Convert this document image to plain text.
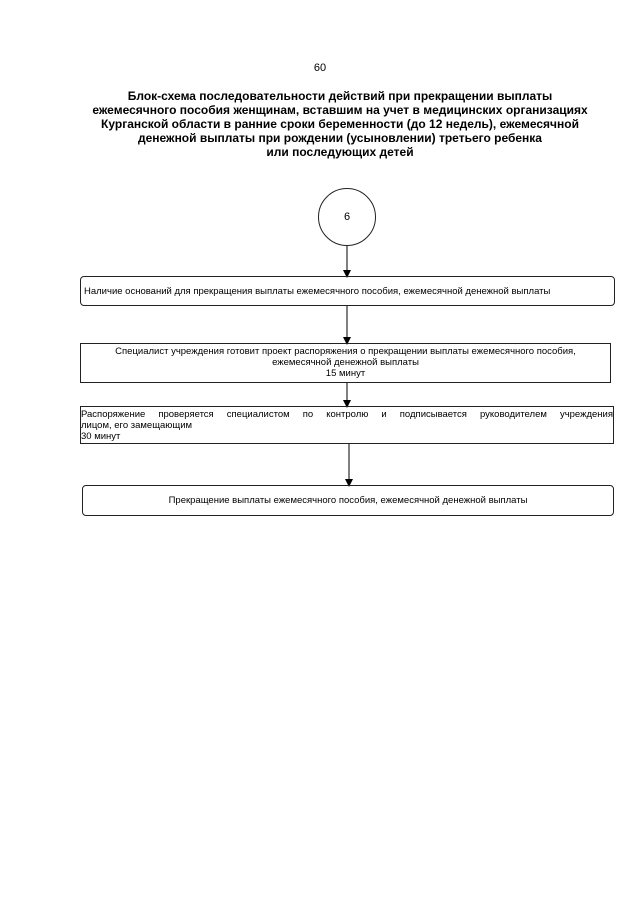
60
Блок-схема последовательности действий при прекращении выплаты
ежемесячного пособия женщинам, вставшим на учет в медицинских организациях
Курганской области в ранние сроки беременности (до 12 недель), ежемесячной
денежной выплаты при рождении (усыновлении) третьего ребенка
или последующих детей
6
Наличие оснований для прекращения выплаты ежемесячного пособия, ежемесячной денежной выплаты
Специалист учреждения готовит проект распоряжения о прекращении выплаты ежемесячного пособия,
ежемесячной денежной выплаты
15 минут
Распоряжение проверяется специалистом по контролю и подписывается руководителем учреждения
лицом, его замещающим
30 минут
Прекращение выплаты ежемесячного пособия, ежемесячной денежной выплаты
